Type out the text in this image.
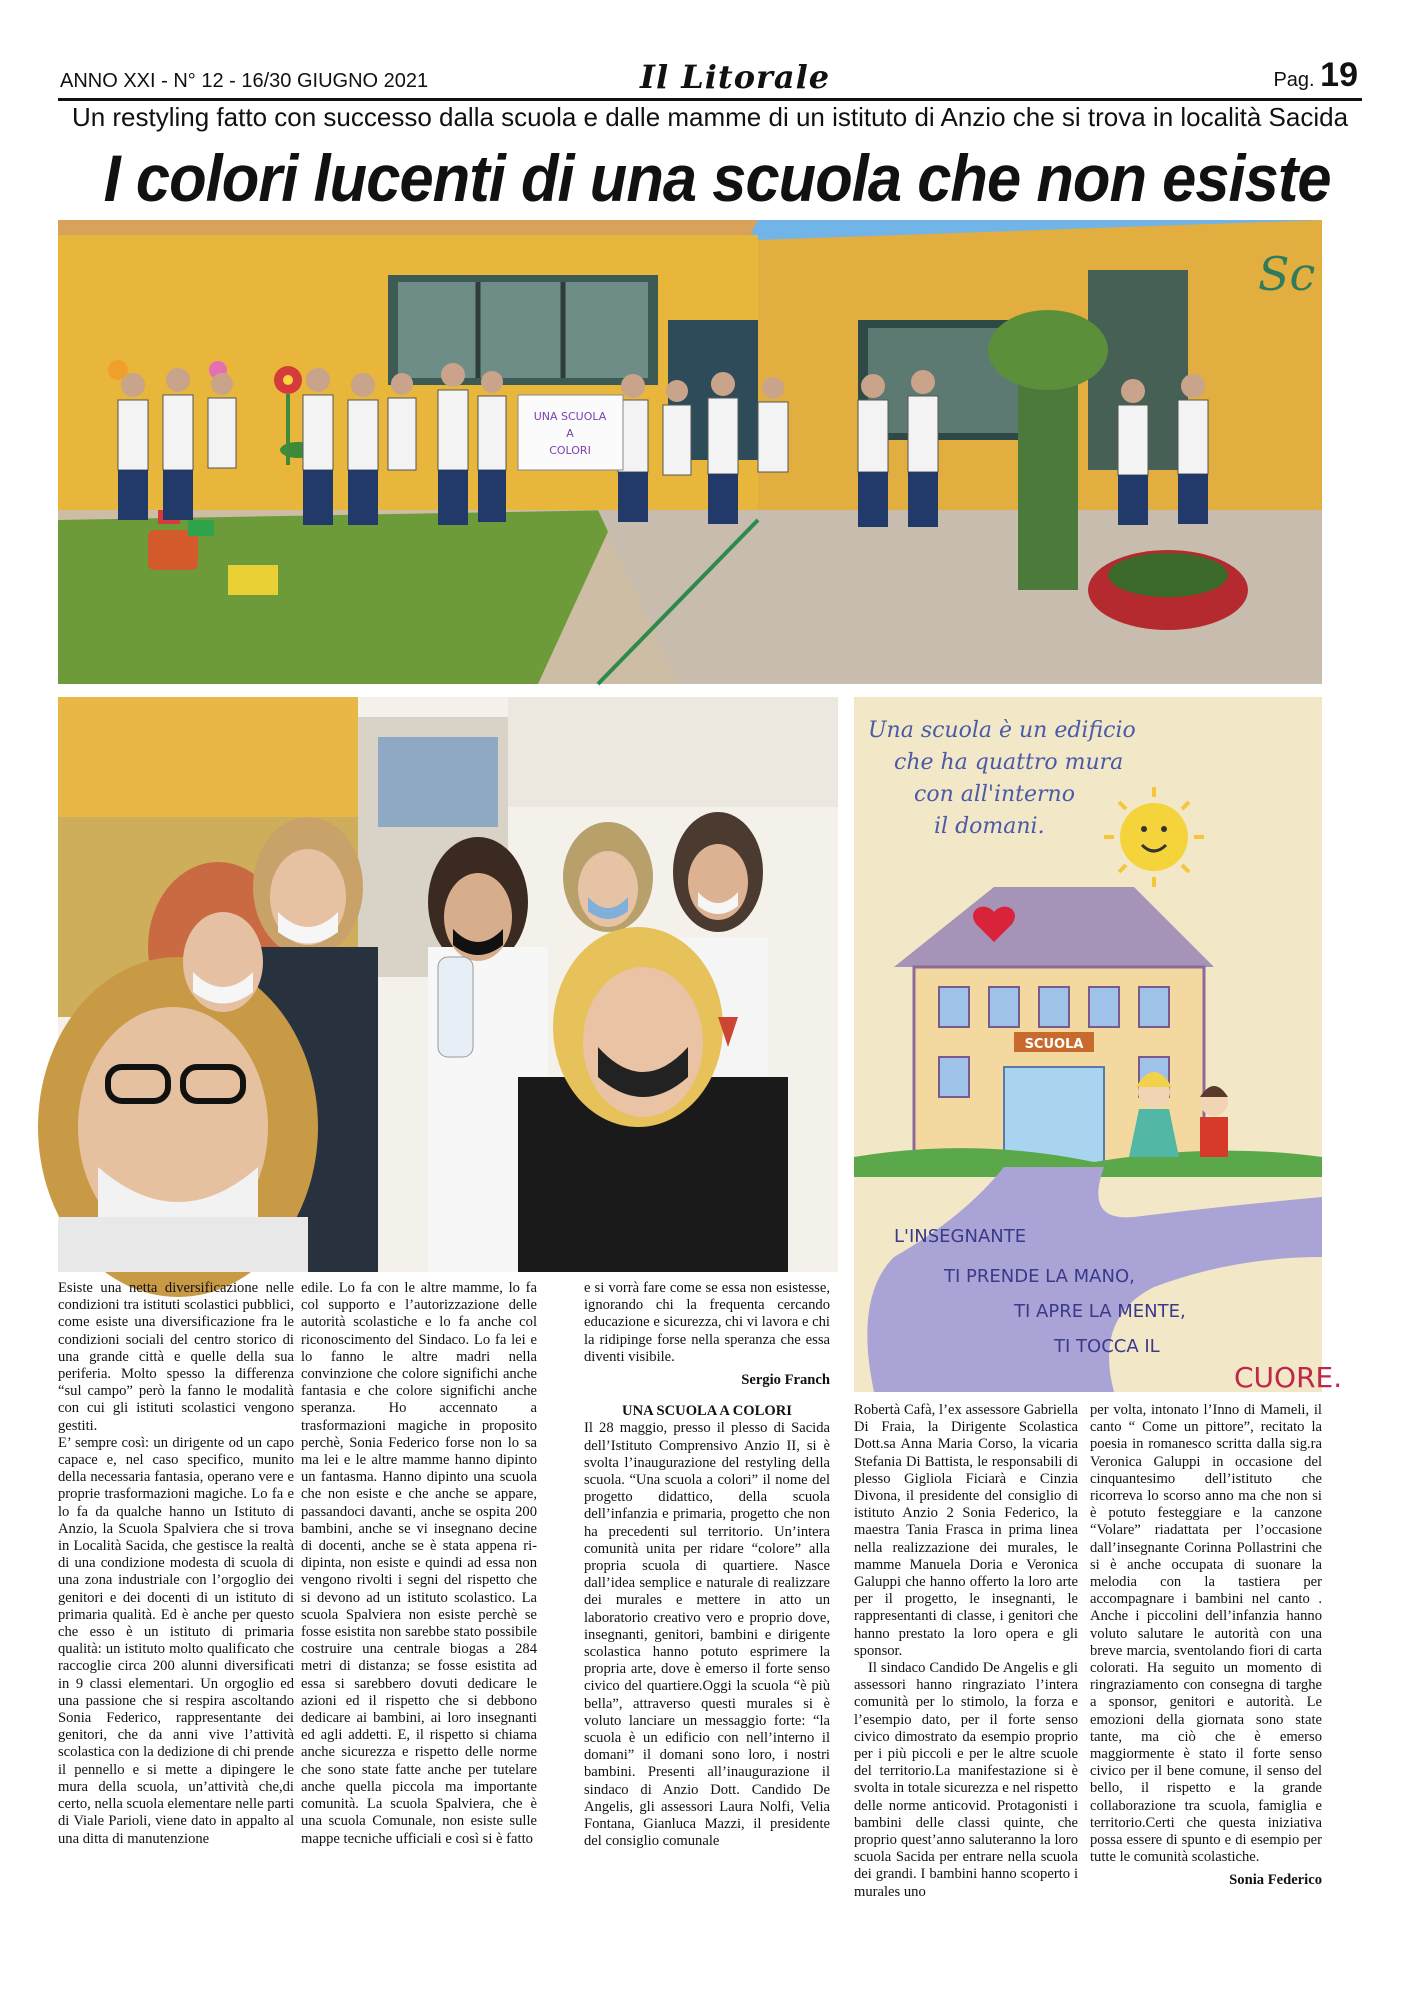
ANNO XXI - N° 12 - 16/30 GIUGNO 2021	Il Litorale	Pag. 19
Un restyling fatto con successo dalla scuola e dalle mamme di un istituto di Anzio che si trova in località Sacida
I colori lucenti di una scuola che non esiste
Sc
UNA SCUOLA
A
COLORI
Una scuola è un edificio
che ha quattro mura
con all'interno
il domani.
SCUOLA
L'INSEGNANTE
TI PRENDE LA MANO,
TI APRE LA MENTE,
TI TOCCA IL
CUORE.

Esiste una netta diversificazione nelle condizioni tra istituti scolastici pubblici, come esiste una diversificazione fra le condizioni sociali del centro storico di una grande città e quelle della sua periferia. Molto spesso la differenza “sul campo” però la fanno le modalità con cui gli istituti scolastici vengono gestiti.

E’ sempre così: un dirigente od un capo capace e, nel caso specifico, munito della necessaria fantasia, operano vere e proprie trasformazioni magiche. Lo fa e lo fa da qualche hanno un Istituto di Anzio, la Scuola Spalviera che si trova in Località Sacida, che gestisce la realtà di una condizione modesta di scuola di una zona industriale con l’orgoglio dei genitori e dei docenti di un istituto di primaria qualità. Ed è anche per questo che esso è un istituto di primaria qualità: un istituto molto qualificato che raccoglie circa 200 alunni diversificati in 9 classi elementari. Un orgoglio ed una passione che si respira ascoltando Sonia Federico, rappresentante dei genitori, che da anni vive l’attività scolastica con la dedizione di chi prende il pennello e si mette a dipingere le mura della scuola, un’attività che,di certo, nella scuola elementare nelle parti di Viale Parioli, viene dato in appalto al una ditta di manutenzione

edile. Lo fa con le altre mamme, lo fa col supporto e l’autorizzazione delle autorità scolastiche e lo fa anche col riconoscimento del Sindaco. Lo fa lei e lo fanno le altre madri nella convinzione che colore significhi anche fantasia e che colore significhi anche speranza. Ho accennato a trasformazioni magiche in proposito perchè, Sonia Federico forse non lo sa ma lei e le altre mamme hanno dipinto un fantasma. Hanno dipinto una scuola che non esiste e che anche se appare, passandoci davanti, anche se ospita 200 bambini, anche se vi insegnano decine di docenti, anche se è stata appena ri-dipinta, non esiste e quindi ad essa non vengono rivolti i segni del rispetto che si devono ad un istituto scolastico. La scuola Spalviera non esiste perchè se fosse esistita non sarebbe stato possibile costruire una centrale biogas a 284 metri di distanza; se fosse esistita ad essa si sarebbero dovuti dedicare le azioni ed il rispetto che si debbono dedicare ai bambini, ai loro insegnanti ed agli addetti. E, il rispetto si chiama anche sicurezza e rispetto delle norme che sono state fatte anche per tutelare anche quella piccola ma importante comunità. La scuola Spalviera, che è una scuola Comunale, non esiste sulle mappe tecniche ufficiali e così si è fatto

e si vorrà fare come se essa non esistesse, ignorando chi la frequenta cercando educazione e sicurezza, chi vi lavora e chi la ridipinge forse nella speranza che essa diventi visibile.

Sergio Franch

UNA SCUOLA A COLORI

Il 28 maggio, presso il plesso di Sacida dell’Istituto Comprensivo Anzio II, si è svolta l’inaugurazione del restyling della scuola. “Una scuola a colori” il nome del progetto didattico, della scuola dell’infanzia e primaria, progetto che non ha precedenti sul territorio. Un’intera comunità unita per ridare “colore” alla propria scuola di quartiere. Nasce dall’idea semplice e naturale di realizzare dei murales e mettere in atto un laboratorio creativo vero e proprio dove, insegnanti, genitori, bambini e dirigente scolastica hanno potuto esprimere la propria arte, dove è emerso il forte senso civico del quartiere.Oggi la scuola “è più bella”, attraverso questi murales si è voluto lanciare un messaggio forte: “la scuola è un edificio con nell’interno il domani” il domani sono loro, i nostri bambini. Presenti all’inaugurazione il sindaco di Anzio Dott. Candido De Angelis, gli assessori Laura Nolfi, Velia Fontana, Gianluca Mazzi, il presidente del consiglio comunale

Robertà Cafà, l’ex assessore Gabriella Di Fraia, la Dirigente Scolastica Dott.sa Anna Maria Corso, la vicaria Stefania Di Battista, le responsabili di plesso Gigliola Ficiarà e Cinzia Divona, il presidente del consiglio di istituto Anzio 2 Sonia Federico, la maestra Tania Frasca in prima linea nella realizzazione dei murales, le mamme Manuela Doria e Veronica Galuppi che hanno offerto la loro arte per il progetto, le insegnanti, le rappresentanti di classe, i genitori che hanno prestato la loro opera e gli sponsor.

Il sindaco Candido De Angelis e gli assessori hanno ringraziato l’intera comunità per lo stimolo, la forza e l’esempio dato, per il forte senso civico dimostrato da esempio proprio per i più piccoli e per le altre scuole del territorio.La manifestazione si è svolta in totale sicurezza e nel rispetto delle norme anticovid. Protagonisti i bambini delle classi quinte, che proprio quest’anno saluteranno la loro scuola Sacida per entrare nella scuola dei grandi. I bambini hanno scoperto i murales uno

per volta, intonato l’Inno di Mameli, il canto “ Come un pittore”, recitato la poesia in romanesco scritta dalla sig.ra Veronica Galuppi in occasione del cinquantesimo dell’istituto che ricorreva lo scorso anno ma che non si è potuto festeggiare e la canzone “Volare” riadattata per l’occasione dall’insegnante Corinna Pollastrini che si è anche occupata di suonare la melodia con la tastiera per accompagnare i bambini nel canto . Anche i piccolini dell’infanzia hanno voluto salutare le autorità con una breve marcia, sventolando fiori di carta colorati. Ha seguito un momento di ringraziamento con consegna di targhe a sponsor, genitori e autorità. Le emozioni della giornata sono state tante, ma ciò che è emerso maggiormente è stato il forte senso civico per il bene comune, il senso del bello, il rispetto e la grande collaborazione tra scuola, famiglia e territorio.Certi che questa iniziativa possa essere di spunto e di esempio per tutte le comunità scolastiche.

Sonia Federico
